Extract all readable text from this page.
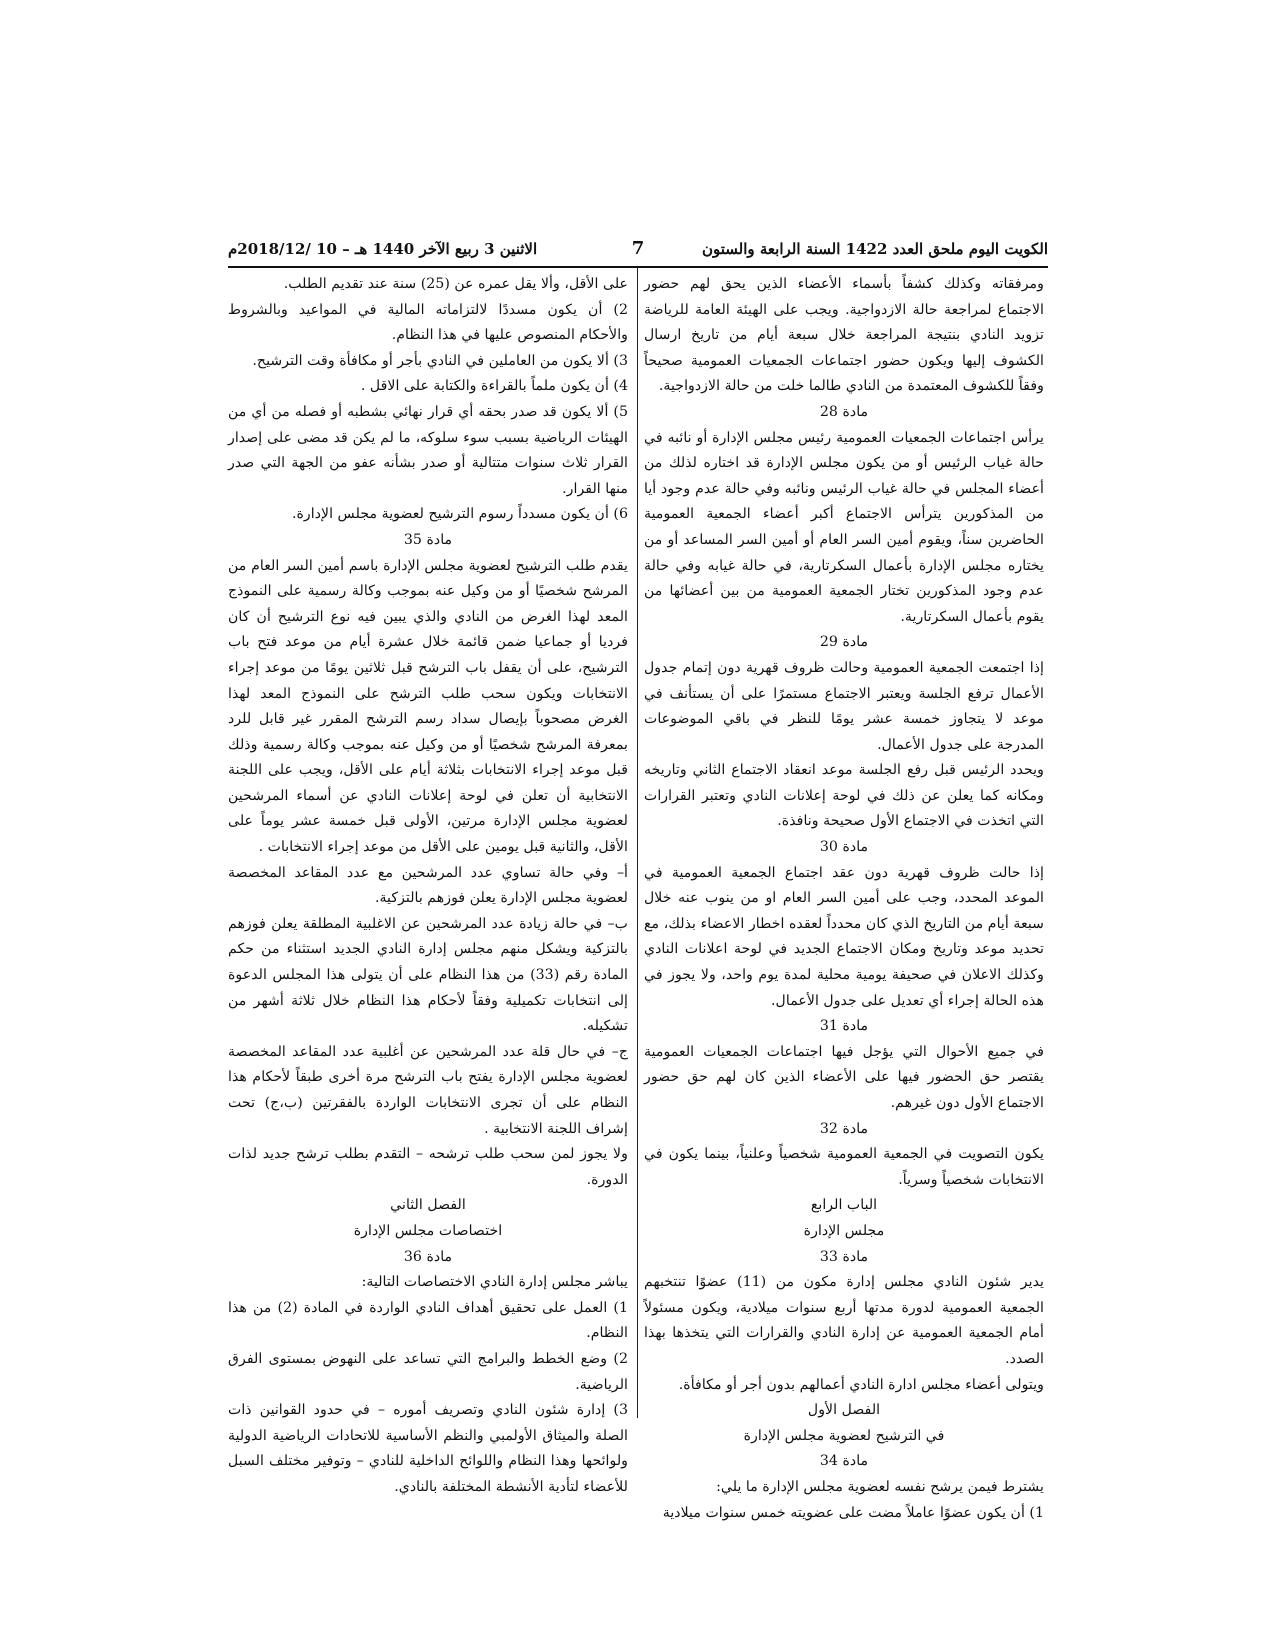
الكويت اليوم ملحق العدد 1422 السنة الرابعة والستون
7
الاثنين 3 ربيع الآخر 1440 هـ – 10 /2018/12م

ومرفقاته وكذلك كشفاً بأسماء الأعضاء الذين يحق لهم حضور الاجتماع لمراجعة حالة الازدواجية. ويجب على الهيئة العامة للرياضة تزويد النادي بنتيجة المراجعة خلال سبعة أيام من تاريخ ارسال الكشوف إليها ويكون حضور اجتماعات الجمعيات العمومية صحيحاً وفقاً للكشوف المعتمدة من النادي طالما خلت من حالة الازدواجية.

مادة 28

يرأس اجتماعات الجمعيات العمومية رئيس مجلس الإدارة أو نائبه في حالة غياب الرئيس أو من يكون مجلس الإدارة قد اختاره لذلك من أعضاء المجلس في حالة غياب الرئيس ونائبه وفي حالة عدم وجود أيا من المذكورين يترأس الاجتماع أكبر أعضاء الجمعية العمومية الحاضرين سناً، ويقوم أمين السر العام أو أمين السر المساعد أو من يختاره مجلس الإدارة بأعمال السكرتارية، في حالة غيابه وفي حالة عدم وجود المذكورين تختار الجمعية العمومية من بين أعضائها من يقوم بأعمال السكرتارية.

مادة 29

إذا اجتمعت الجمعية العمومية وحالت ظروف قهرية دون إتمام جدول الأعمال ترفع الجلسة ويعتبر الاجتماع مستمرًا على أن يستأنف في موعد لا يتجاوز خمسة عشر يومًا للنظر في باقي الموضوعات المدرجة على جدول الأعمال.

ويحدد الرئيس قبل رفع الجلسة موعد انعقاد الاجتماع الثاني وتاريخه ومكانه كما يعلن عن ذلك في لوحة إعلانات النادي وتعتبر القرارات التي اتخذت في الاجتماع الأول صحيحة ونافذة.

مادة 30

إذا حالت ظروف قهرية دون عقد اجتماع الجمعية العمومية في الموعد المحدد، وجب على أمين السر العام او من ينوب عنه خلال سبعة أيام من التاريخ الذي كان محدداً لعقده اخطار الاعضاء بذلك، مع تحديد موعد وتاريخ ومكان الاجتماع الجديد في لوحة اعلانات النادي وكذلك الاعلان في صحيفة يومية محلية لمدة يوم واحد، ولا يجوز في هذه الحالة إجراء أي تعديل على جدول الأعمال.

مادة 31

في جميع الأحوال التي يؤجل فيها اجتماعات الجمعيات العمومية يقتصر حق الحضور فيها على الأعضاء الذين كان لهم حق حضور الاجتماع الأول دون غيرهم.

مادة 32

يكون التصويت في الجمعية العمومية شخصياً وعلنياً، بينما يكون في الانتخابات شخصياً وسرياً.

الباب الرابع

مجلس الإدارة

مادة 33

يدير شئون النادي مجلس إدارة مكون من (11) عضوًا تنتخبهم الجمعية العمومية لدورة مدتها أربع سنوات ميلادية، ويكون مسئولاً أمام الجمعية العمومية عن إدارة النادي والقرارات التي يتخذها بهذا الصدد.

ويتولى أعضاء مجلس ادارة النادي أعمالهم بدون أجر أو مكافأة.

الفصل الأول

في الترشيح لعضوية مجلس الإدارة

مادة 34

يشترط فيمن يرشح نفسه لعضوية مجلس الإدارة ما يلي:

1) أن يكون عضوًا عاملاً مضت على عضويته خمس سنوات ميلادية

على الأقل، وألا يقل عمره عن (25) سنة عند تقديم الطلب.

2) أن يكون مسددًا لالتزاماته المالية في المواعيد وبالشروط والأحكام المنصوص عليها في هذا النظام.

3) ألا يكون من العاملين في النادي بأجر أو مكافأة وقت الترشيح.

4) أن يكون ملماً بالقراءة والكتابة على الاقل .

5) ألا يكون قد صدر بحقه أي قرار نهائي بشطبه أو فصله من أي من الهيئات الرياضية بسبب سوء سلوكه، ما لم يكن قد مضى على إصدار القرار ثلاث سنوات متتالية أو صدر بشأنه عفو من الجهة التي صدر منها القرار.

6) أن يكون مسدداً رسوم الترشيح لعضوية مجلس الإدارة.

مادة 35

يقدم طلب الترشيح لعضوية مجلس الإدارة باسم أمين السر العام من المرشح شخصيًا أو من وكيل عنه بموجب وكالة رسمية على النموذج المعد لهذا الغرض من النادي والذي يبين فيه نوع الترشيح أن كان فرديا أو جماعيا ضمن قائمة خلال عشرة أيام من موعد فتح باب الترشيح، على أن يقفل باب الترشح قبل ثلاثين يومًا من موعد إجراء الانتخابات ويكون سحب طلب الترشح على النموذج المعد لهذا الغرض مصحوباً بإيصال سداد رسم الترشح المقرر غير قابل للرد بمعرفة المرشح شخصيًا أو من وكيل عنه بموجب وكالة رسمية وذلك قبل موعد إجراء الانتخابات بثلاثة أيام على الأقل، ويجب على اللجنة الانتخابية أن تعلن في لوحة إعلانات النادي عن أسماء المرشحين لعضوية مجلس الإدارة مرتين، الأولى قبل خمسة عشر يوماً على الأقل، والثانية قبل يومين على الأقل من موعد إجراء الانتخابات .

أ– وفي حالة تساوي عدد المرشحين مع عدد المقاعد المخصصة لعضوية مجلس الإدارة يعلن فوزهم بالتزكية.

ب– في حالة زيادة عدد المرشحين عن الاغلبية المطلقة يعلن فوزهم بالتزكية ويشكل منهم مجلس إدارة النادي الجديد استثناء من حكم المادة رقم (33) من هذا النظام على أن يتولى هذا المجلس الدعوة إلى انتخابات تكميلية وفقاً لأحكام هذا النظام خلال ثلاثة أشهر من تشكيله.

ج– في حال قلة عدد المرشحين عن أغلبية عدد المقاعد المخصصة لعضوية مجلس الإدارة يفتح باب الترشح مرة أخرى طبقاً لأحكام هذا النظام على أن تجرى الانتخابات الواردة بالفقرتين (ب،ج) تحت إشراف اللجنة الانتخابية .

ولا يجوز لمن سحب طلب ترشحه – التقدم بطلب ترشح جديد لذات الدورة.

الفصل الثاني

اختصاصات مجلس الإدارة

مادة 36

يباشر مجلس إدارة النادي الاختصاصات التالية:

1) العمل على تحقيق أهداف النادي الواردة في المادة (2) من هذا النظام.

2) وضع الخطط والبرامج التي تساعد على النهوض بمستوى الفرق الرياضية.

3) إدارة شئون النادي وتصريف أموره – في حدود القوانين ذات الصلة والميثاق الأولمبي والنظم الأساسية للاتحادات الرياضية الدولية ولوائحها وهذا النظام واللوائح الداخلية للنادي – وتوفير مختلف السبل للأعضاء لتأدية الأنشطة المختلفة بالنادي.
